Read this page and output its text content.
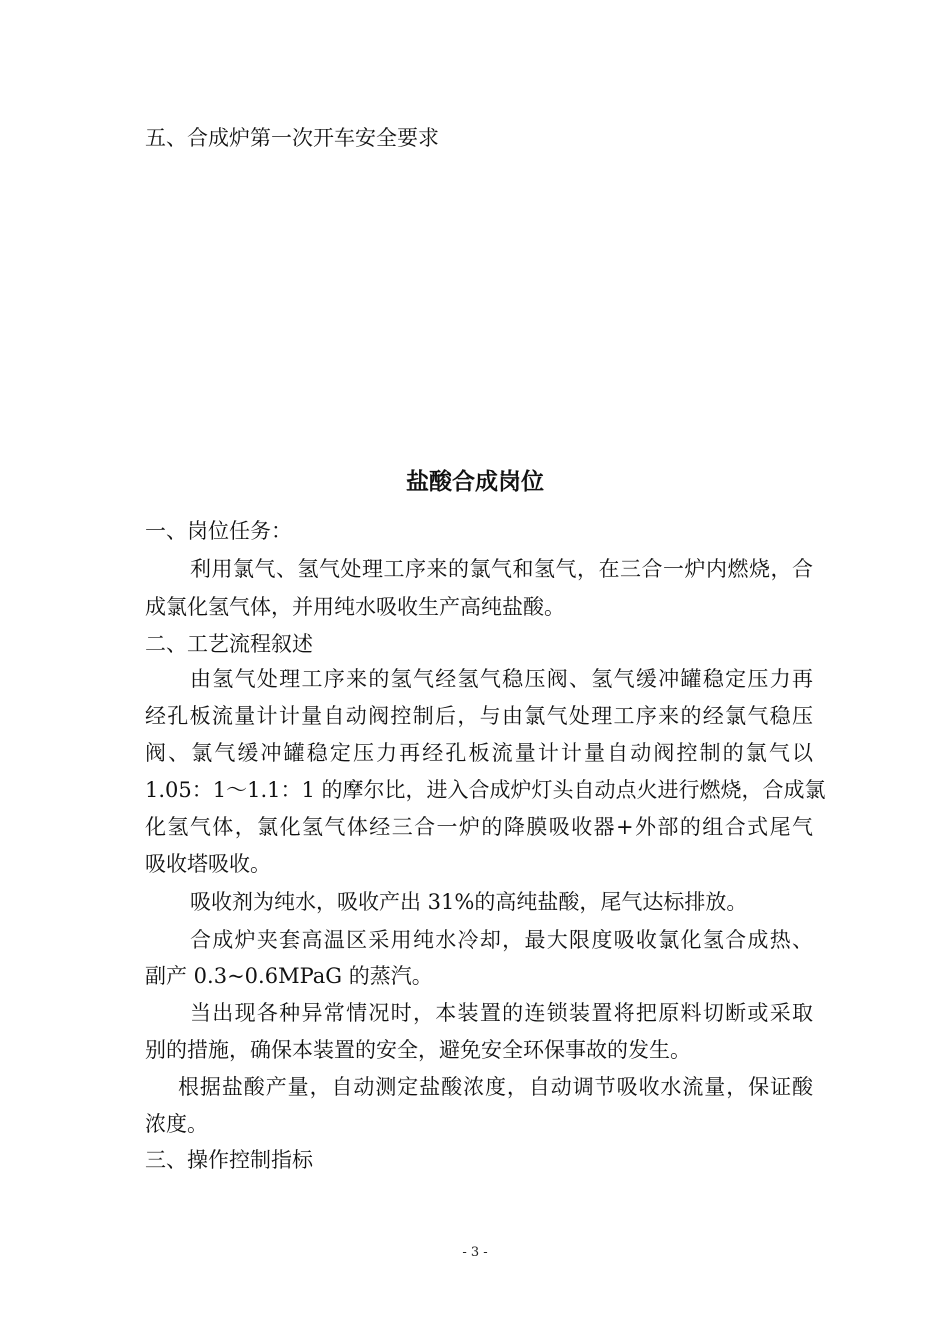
五、合成炉第一次开车安全要求
盐酸合成岗位
一、岗位任务：
利用氯气、氢气处理工序来的氯气和氢气，在三合一炉内燃烧，合
成氯化氢气体，并用纯水吸收生产高纯盐酸。
二、工艺流程叙述
由氢气处理工序来的氢气经氢气稳压阀、氢气缓冲罐稳定压力再
经孔板流量计计量自动阀控制后，与由氯气处理工序来的经氯气稳压
阀、氯气缓冲罐稳定压力再经孔板流量计计量自动阀控制的氯气以
1.05：1～1.1：1 的摩尔比，进入合成炉灯头自动点火进行燃烧，合成氯
化氢气体，氯化氢气体经三合一炉的降膜吸收器+外部的组合式尾气
吸收塔吸收。
吸收剂为纯水，吸收产出 31%的高纯盐酸，尾气达标排放。
合成炉夹套高温区采用纯水冷却，最大限度吸收氯化氢合成热、
副产 0.3~0.6MPaG 的蒸汽。
当出现各种异常情况时，本装置的连锁装置将把原料切断或采取
别的措施，确保本装置的安全，避免安全环保事故的发生。
根据盐酸产量，自动测定盐酸浓度，自动调节吸收水流量，保证酸
浓度。
三、操作控制指标
- 3 -
